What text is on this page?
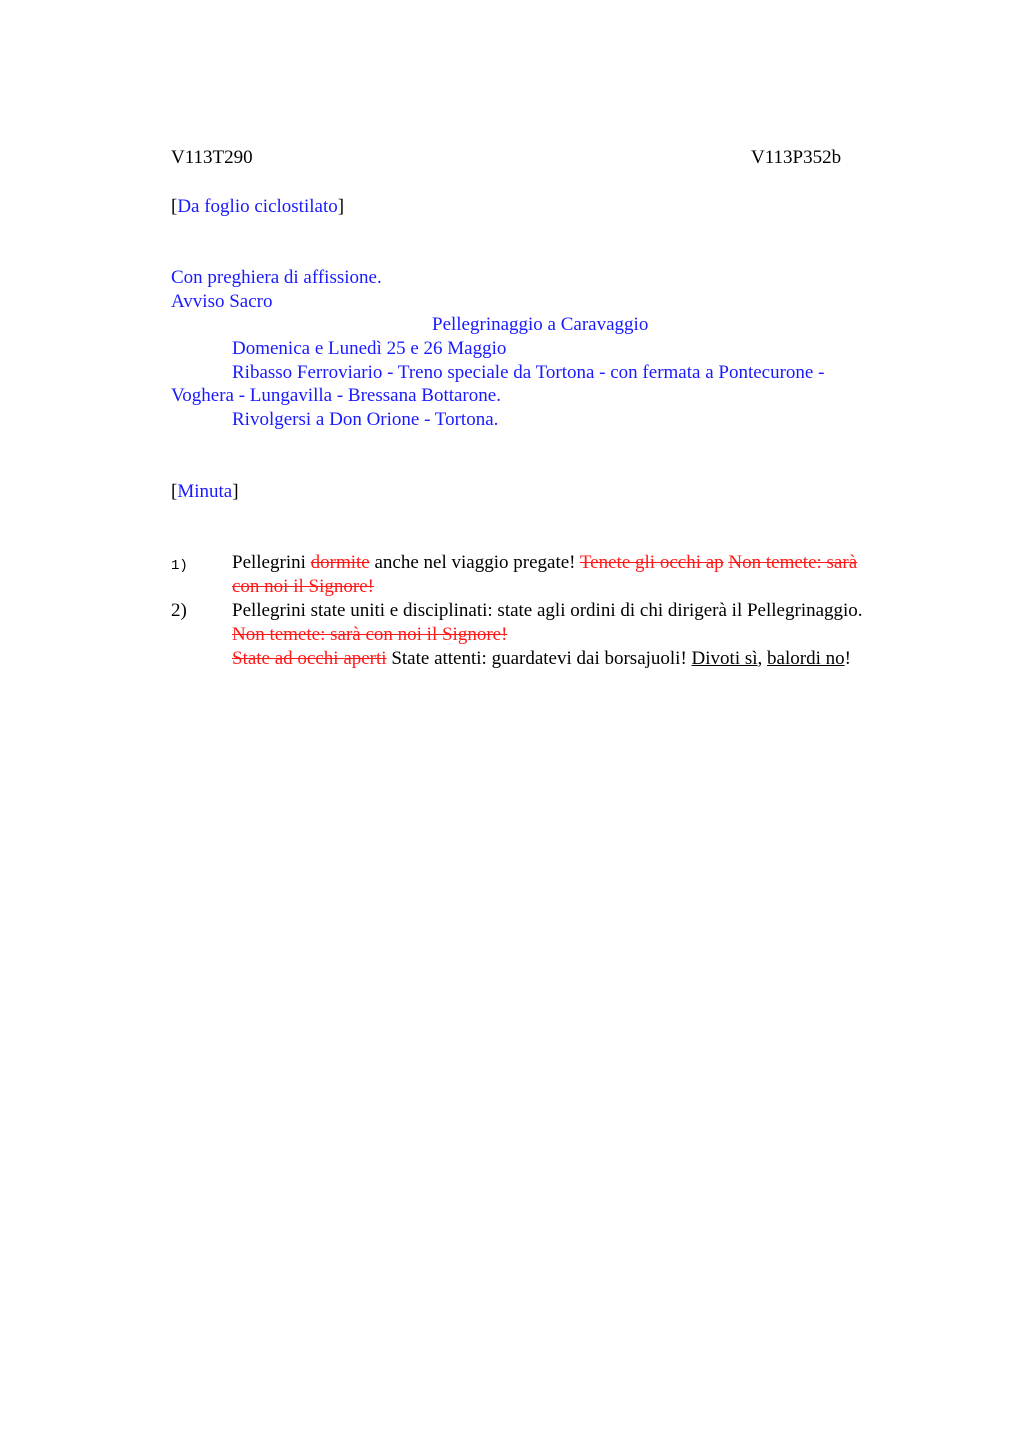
V113T290	V113P352b
[Da foglio ciclostilato]
Con preghiera di affissione.
Avviso Sacro
Pellegrinaggio a Caravaggio
Domenica e Lunedì 25 e 26 Maggio
Ribasso Ferroviario - Treno speciale da Tortona - con fermata a Pontecurone -
Voghera - Lungavilla - Bressana Bottarone.
Rivolgersi a Don Orione - Tortona.
[Minuta]
1) Pellegrini dormite anche nel viaggio pregate! Tenete gli occhi ap Non temete: sarà
con noi il Signore!
2) Pellegrini state uniti e disciplinati: state agli ordini di chi dirigerà il Pellegrinaggio.
Non temete: sarà con noi il Signore!
State ad occhi aperti State attenti: guardatevi dai borsajuoli! Divoti sì, balordi no!
